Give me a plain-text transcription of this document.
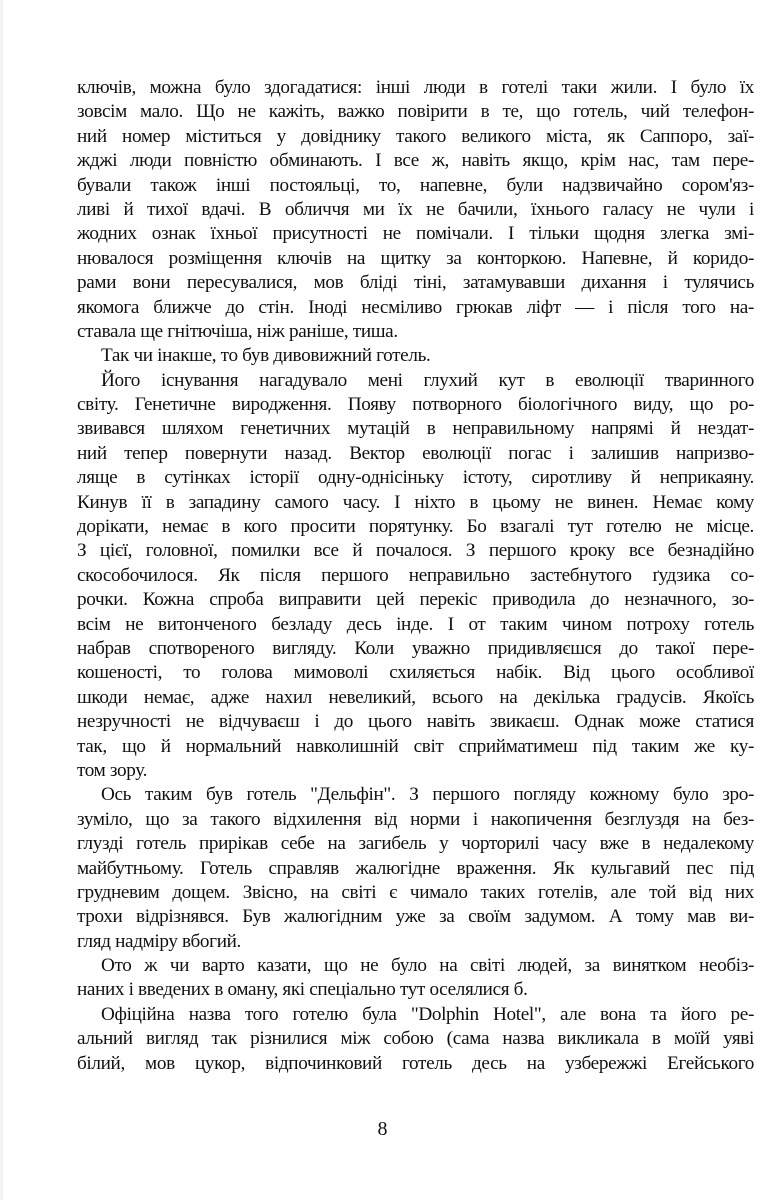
ключів, можна було здогадатися: інші люди в готелі таки жили. І було їх
зовсім мало. Що не кажіть, важко повірити в те, що готель, чий телефон-
ний номер міститься у довіднику такого великого міста, як Саппоро, заї-
жджі люди повністю обминають. І все ж, навіть якщо, крім нас, там пере-
бували також інші постояльці, то, напевне, були надзвичайно сором'яз-
ливі й тихої вдачі. В обличчя ми їх не бачили, їхнього галасу не чули і
жодних ознак їхньої присутності не помічали. І тільки щодня злегка змі-
нювалося розміщення ключів на щитку за конторкою. Напевне, й коридо-
рами вони пересувалися, мов бліді тіні, затамувавши дихання і тулячись
якомога ближче до стін. Іноді несміливо грюкав ліфт — і після того на-
ставала ще гнітючіша, ніж раніше, тиша.
Так чи інакше, то був дивовижний готель.
Його існування нагадувало мені глухий кут в еволюції тваринного
світу. Генетичне виродження. Появу потворного біологічного виду, що ро-
звивався шляхом генетичних мутацій в неправильному напрямі й нездат-
ний тепер повернути назад. Вектор еволюції погас і залишив напризво-
ляще в сутінках історії одну-однісіньку істоту, сиротливу й неприкаяну.
Кинув її в западину самого часу. І ніхто в цьому не винен. Немає кому
дорікати, немає в кого просити порятунку. Бо взагалі тут готелю не місце.
З цієї, головної, помилки все й почалося. З першого кроку все безнадійно
скособочилося. Як після першого неправильно застебнутого ґудзика со-
рочки. Кожна спроба виправити цей перекіс приводила до незначного, зо-
всім не витонченого безладу десь інде. І от таким чином потроху готель
набрав спотвореного вигляду. Коли уважно придивляєшся до такої пере-
кошеності, то голова мимоволі схиляється набік. Від цього особливої
шкоди немає, адже нахил невеликий, всього на декілька градусів. Якоїсь
незручності не відчуваєш і до цього навіть звикаєш. Однак може статися
так, що й нормальний навколишній світ сприйматимеш під таким же ку-
том зору.
Ось таким був готель "Дельфін". З першого погляду кожному було зро-
зуміло, що за такого відхилення від норми і накопичення безглуздя на без-
глузді готель прирікав себе на загибель у чорторилі часу вже в недалекому
майбутньому. Готель справляв жалюгідне враження. Як кульгавий пес під
грудневим дощем. Звісно, на світі є чимало таких готелів, але той від них
трохи відрізнявся. Був жалюгідним уже за своїм задумом. А тому мав ви-
гляд надміру вбогий.
Ото ж чи варто казати, що не було на світі людей, за винятком необіз-
наних і введених в оману, які спеціально тут оселялися б.
Офіційна назва того готелю була "Dolphin Hotel", але вона та його ре-
альний вигляд так різнилися між собою (сама назва викликала в моїй уяві
білий, мов цукор, відпочинковий готель десь на узбережжі Егейського
8
